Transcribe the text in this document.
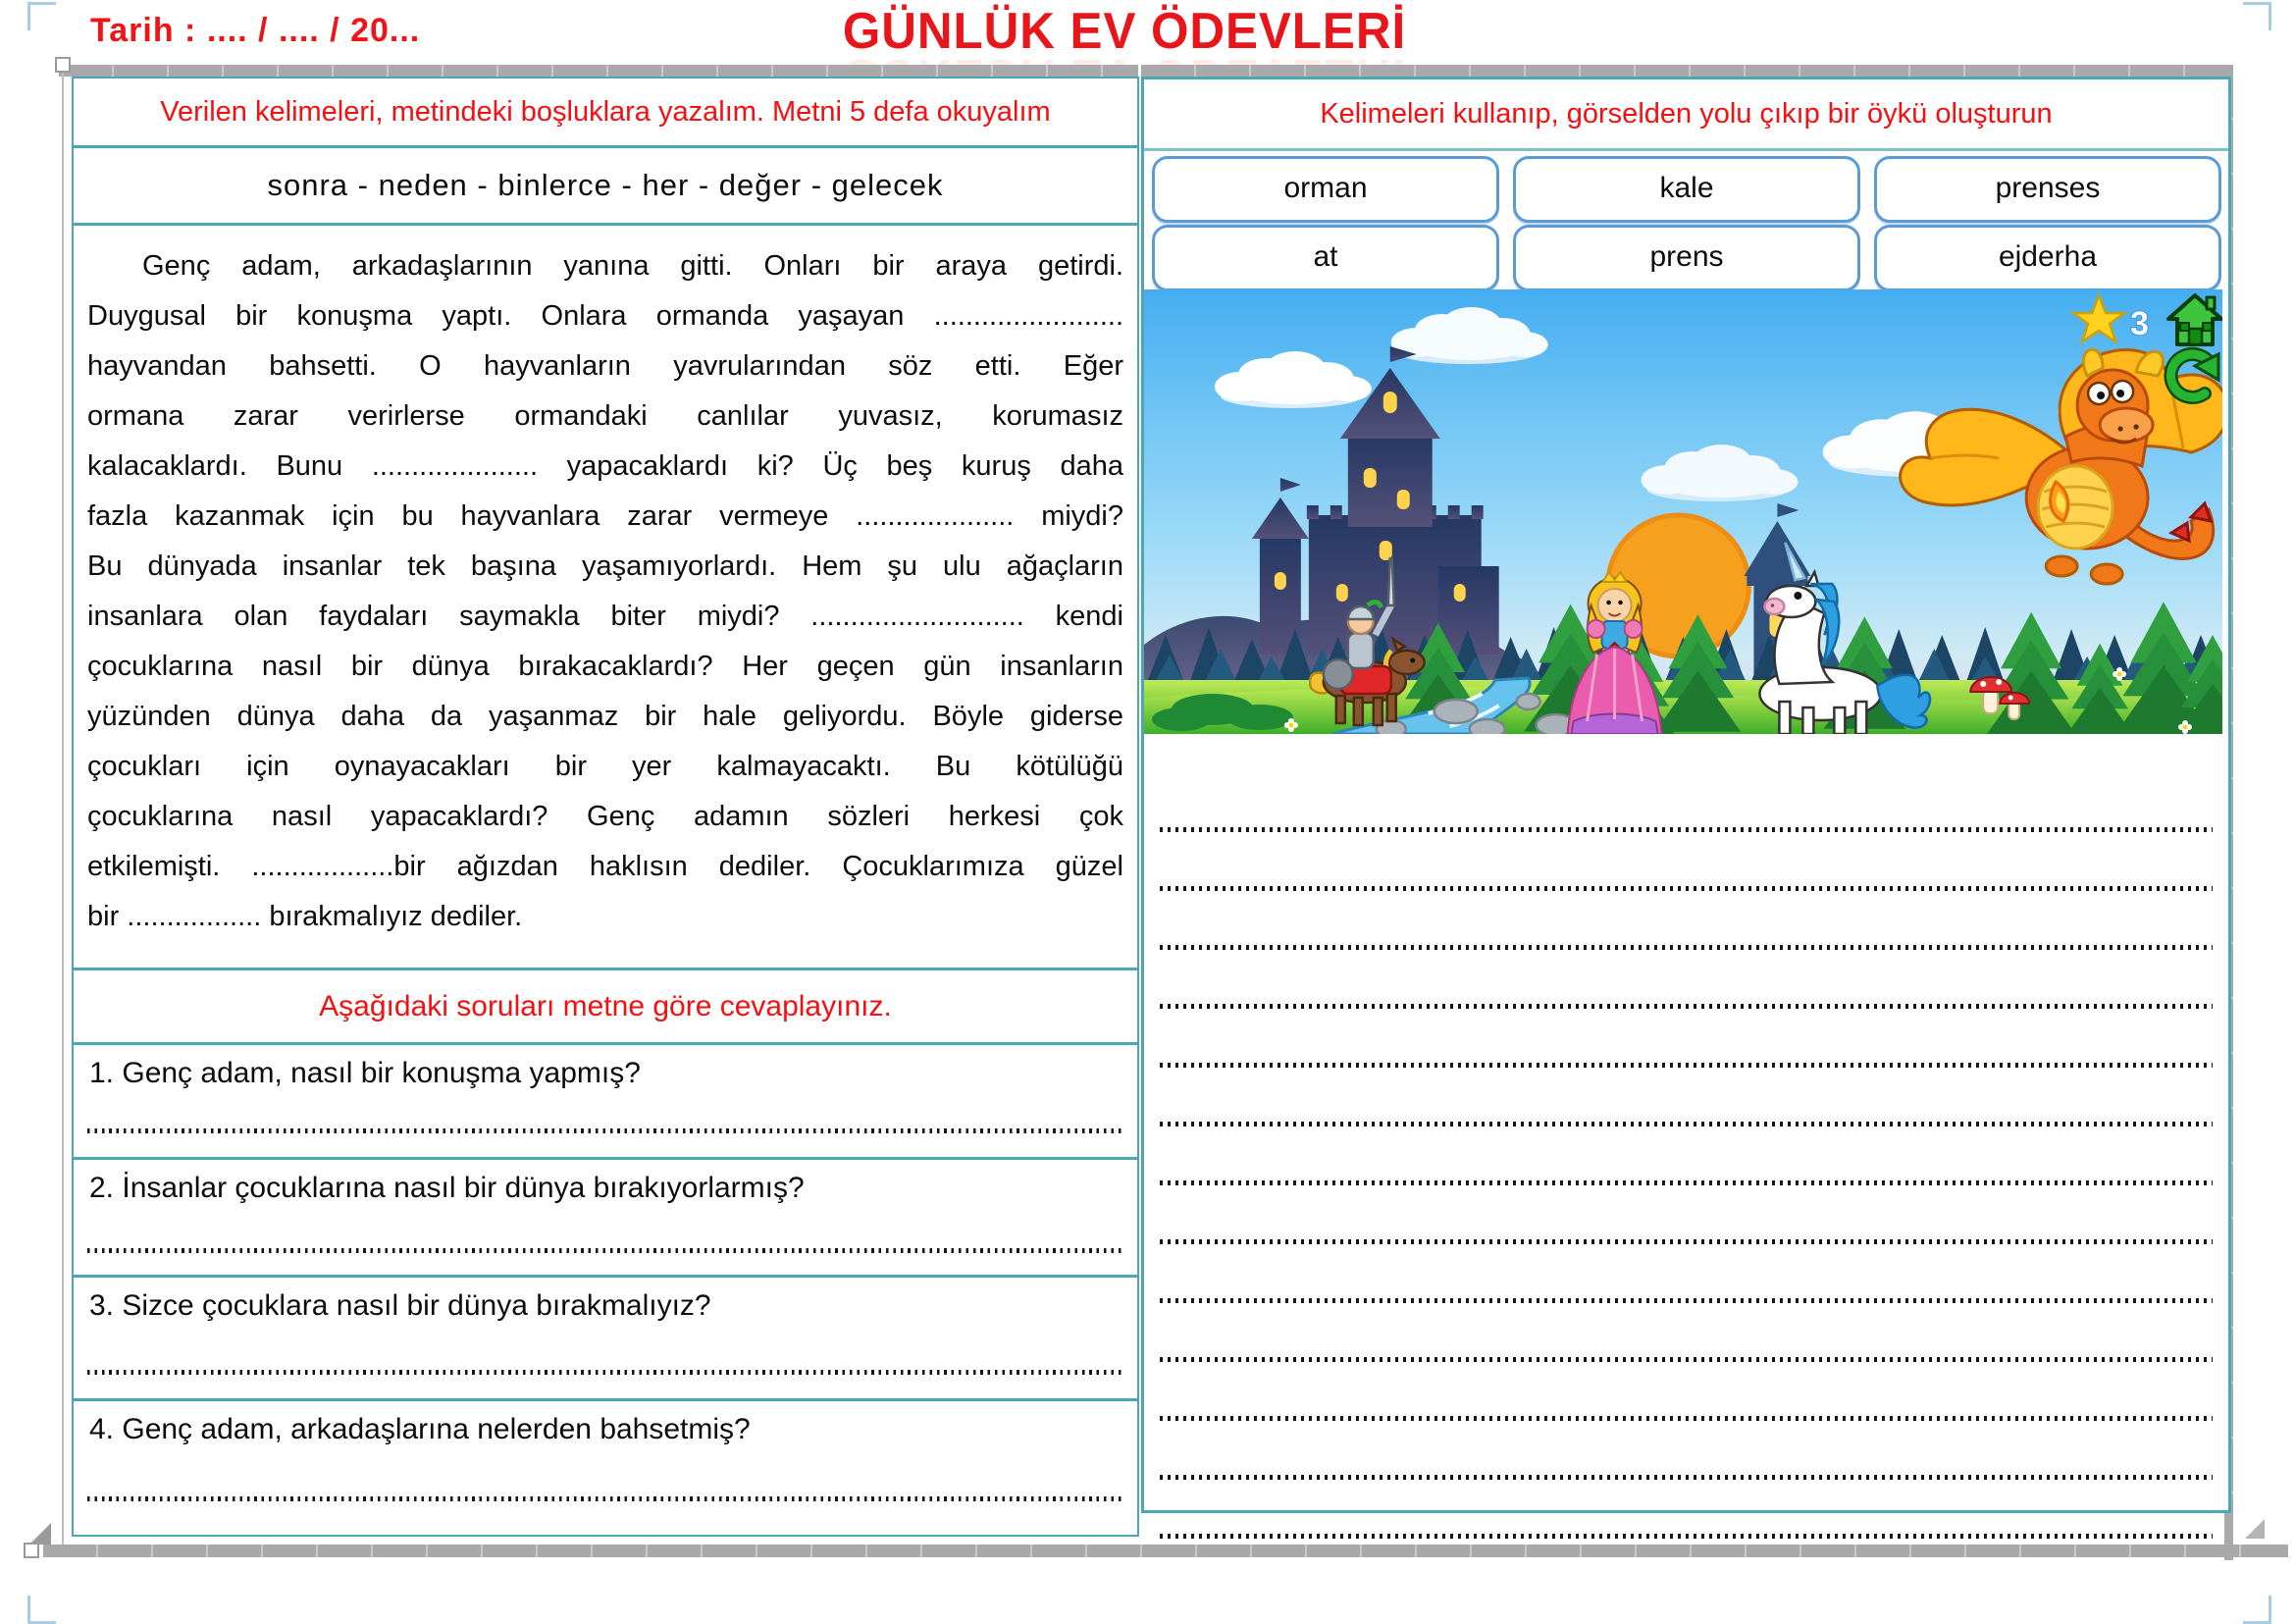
Tarih : .... / .... / 20...	GÜNLÜK EV ÖDEVLERİ
Verilen kelimeleri, metindeki boşluklara yazalım. Metni 5 defa okuyalım
sonra - neden - binlerce - her - değer - gelecek
Genç adam, arkadaşlarının yanına gitti. Onları bir araya getirdi.
Duygusal bir konuşma yaptı. Onlara ormanda yaşayan ........................
hayvandan bahsetti. O hayvanların yavrularından söz etti. Eğer
ormana zarar verirlerse ormandaki canlılar yuvasız, korumasız
kalacaklardı. Bunu ..................... yapacaklardı ki? Üç beş kuruş daha
fazla kazanmak için bu hayvanlara zarar vermeye .................... miydi?
Bu dünyada insanlar tek başına yaşamıyorlardı. Hem şu ulu ağaçların
insanlara olan faydaları saymakla biter miydi? ........................... kendi
çocuklarına nasıl bir dünya bırakacaklardı? Her geçen gün insanların
yüzünden dünya daha da yaşanmaz bir hale geliyordu. Böyle giderse
çocukları için oynayacakları bir yer kalmayacaktı. Bu kötülüğü
çocuklarına nasıl yapacaklardı? Genç adamın sözleri herkesi çok
etkilemişti. ..................bir ağızdan haklısın dediler. Çocuklarımıza güzel
bir ................. bırakmalıyız dediler.
Aşağıdaki soruları metne göre cevaplayınız.
1. Genç adam, nasıl bir konuşma yapmış?
2. İnsanlar çocuklarına nasıl bir dünya bırakıyorlarmış?
3. Sizce çocuklara nasıl bir dünya bırakmalıyız?
4. Genç adam, arkadaşlarına nelerden bahsetmiş?
Kelimeleri kullanıp, görselden yolu çıkıp bir öykü oluşturun
orman	kale	prenses
at	prens	ejderha
3
